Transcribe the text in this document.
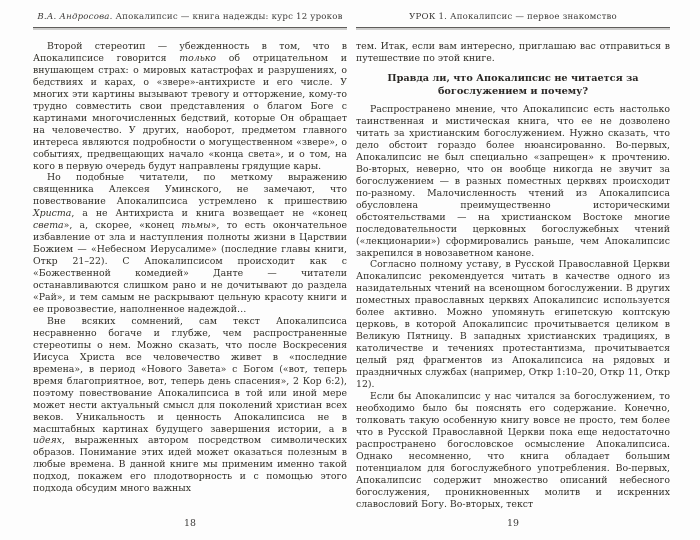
В.А. Андросова. Апокалипсис — книга надежды: курс 12 уроков

Второй стереотип — убежденность в том, что в Апокалипсисе говорится только об отрицательном и внушающем страх: о мировых катастрофах и разрушениях, о бедствиях и карах, о «звере»-антихристе и его числе. У многих эти картины вызывают тревогу и отторжение, кому-то трудно совместить свои представления о благом Боге с картинами многочисленных бедствий, которые Он обращает на человечество. У других, наоборот, предметом главного интереса являются подробности о могущественном «звере», о событиях, предвещающих начало «конца света», и о том, на кого в первую очередь будут направлены грядущие кары.

Но подобные читатели, по меткому выражению священника Алексея Уминского, не замечают, что повествование Апокалипсиса устремлено к пришествию Христа, а не Антихриста и книга возвещает не «конец света», а, скорее, «конец тьмы», то есть окончательное избавление от зла и наступления полноты жизни в Царствии Божием — «Небесном Иерусалиме» (последние главы книги, Откр 21–22). С Апокалипсисом происходит как с «Божественной комедией» Данте — читатели останавливаются слишком рано и не дочитывают до раздела «Рай», и тем самым не раскрывают цельную красоту книги и ее провозвестие, наполненное надеждой…

Вне всяких сомнений, сам текст Апокалипсиса несравненно богаче и глубже, чем распространенные стереотипы о нем. Можно сказать, что после Воскресения Иисуса Христа все человечество живет в «последние времена», в период «Нового Завета» с Богом («вот, теперь время благоприятное, вот, теперь день спасения», 2 Кор 6:2), поэтому повествование Апокалипсиса в той или иной мере может нести актуальный смысл для поколений христиан всех веков. Уникальность и ценность Апокалипсиса не в масштабных картинах будущего завершения истории, а в идеях, выраженных автором посредством символических образов. Понимание этих идей может оказаться полезным в любые времена. В данной книге мы применим именно такой подход, покажем его плодотворность и с помощью этого подхода обсудим много важных

18
УРОК 1. Апокалипсис — первое знакомство

тем. Итак, если вам интересно, приглашаю вас отправиться в путешествие по этой книге.

Правда ли, что Апокалипсис не читается за богослужением и почему?

Распространено мнение, что Апокалипсис есть настолько таинственная и мистическая книга, что ее не дозволено читать за христианским богослужением. Нужно сказать, что дело обстоит гораздо более нюансированно. Во-первых, Апокалипсис не был специально «запрещен» к прочтению. Во-вторых, неверно, что он вообще никогда не звучит за богослужением — в разных поместных церквях происходит по-разному. Малочисленность чтений из Апокалипсиса обусловлена преимущественно историческими обстоятельствами — на христианском Востоке многие последовательности церковных богослужебных чтений («лекционарии») сформировались раньше, чем Апокалипсис закрепился в новозаветном каноне.

Согласно полному уставу, в Русской Православной Церкви Апокалипсис рекомендуется читать в качестве одного из назидательных чтений на всенощном богослужении. В других поместных православных церквях Апокалипсис используется более активно. Можно упомянуть египетскую коптскую церковь, в которой Апокалипсис прочитывается целиком в Великую Пятницу. В западных христианских традициях, в католичестве и течениях протестантизма, прочитывается целый ряд фрагментов из Апокалипсиса на рядовых и праздничных службах (например, Откр 1:10–20, Откр 11, Откр 12).

Если бы Апокалипсис у нас читался за богослужением, то необходимо было бы пояснять его содержание. Конечно, толковать такую особенную книгу вовсе не просто, тем более что в Русской Православной Церкви пока еще недостаточно распространено богословское осмысление Апокалипсиса. Однако несомненно, что книга обладает большим потенциалом для богослужебного употребления. Во-первых, Апокалипсис содержит множество описаний небесного богослужения, проникновенных молитв и искренних славословий Богу. Во-вторых, текст

19
